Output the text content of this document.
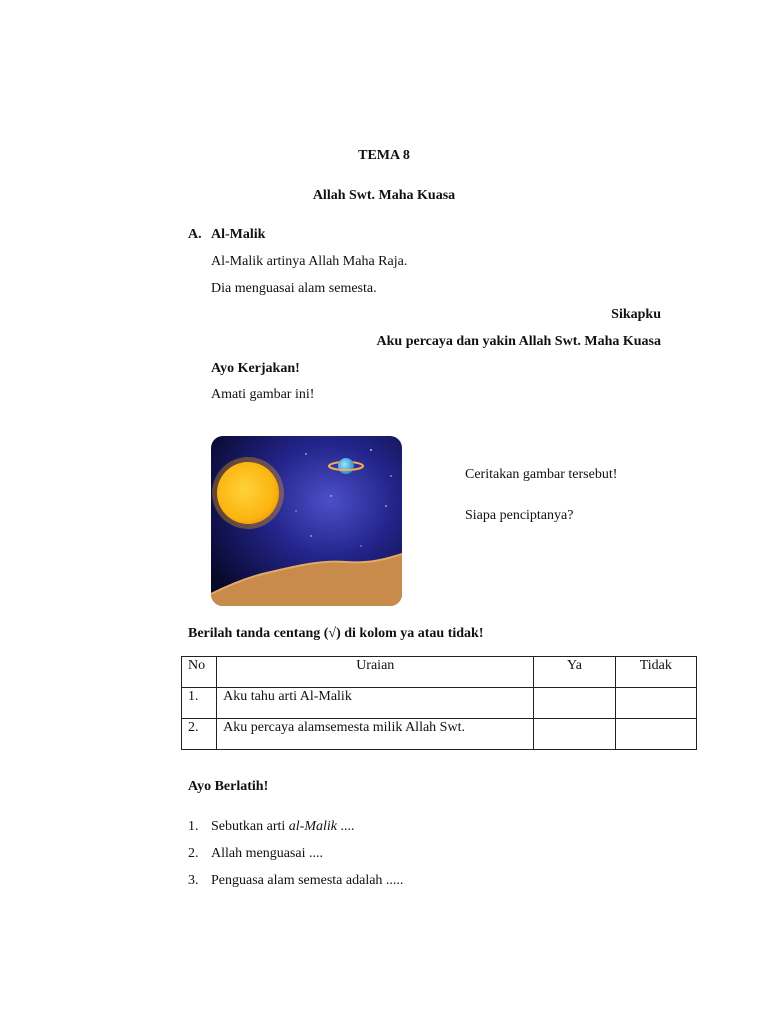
TEMA 8
Allah Swt. Maha Kuasa
A. Al-Malik
Al-Malik artinya Allah Maha Raja.
Dia menguasai alam semesta.
Sikapku
Aku percaya dan yakin Allah Swt. Maha Kuasa
Ayo Kerjakan!
Amati gambar ini!
Ceritakan gambar tersebut!
Siapa penciptanya?
Berilah tanda centang (√) di kolom ya atau tidak!
No	Uraian	Ya	Tidak
1.	Aku tahu arti Al-Malik		
2.	Aku percaya alamsemesta milik Allah Swt.		
Ayo Berlatih!
1. Sebutkan arti al-Malik ....
2. Allah menguasai ....
3. Penguasa alam semesta adalah .....
